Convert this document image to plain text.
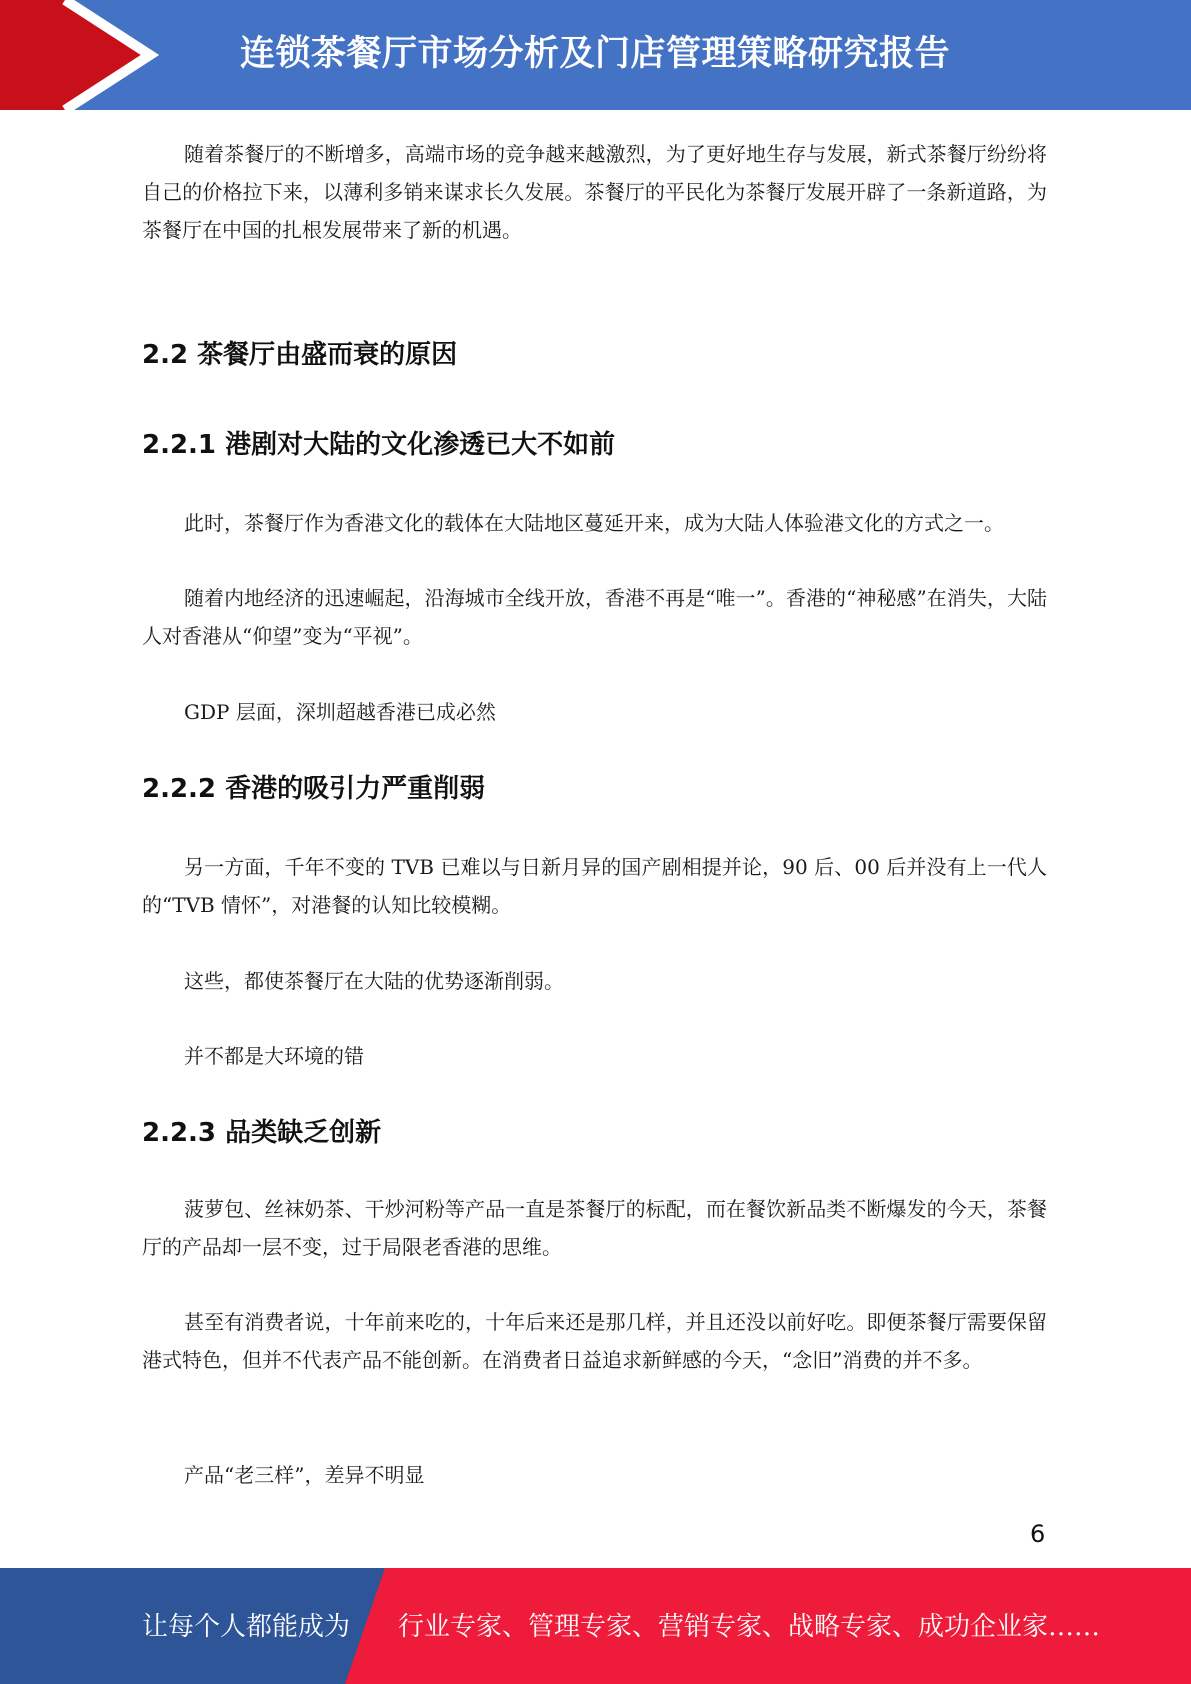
连锁茶餐厅市场分析及门店管理策略研究报告

随着茶餐厅的不断增多，高端市场的竞争越来越激烈，为了更好地生存与发展，新式茶餐厅纷纷将自己的价格拉下来，以薄利多销来谋求长久发展。茶餐厅的平民化为茶餐厅发展开辟了一条新道路，为茶餐厅在中国的扎根发展带来了新的机遇。

2.2 茶餐厅由盛而衰的原因
2.2.1 港剧对大陆的文化渗透已大不如前

此时，茶餐厅作为香港文化的载体在大陆地区蔓延开来，成为大陆人体验港文化的方式之一。

随着内地经济的迅速崛起，沿海城市全线开放，香港不再是“唯一”。香港的“神秘感”在消失，大陆人对香港从“仰望”变为“平视”。

GDP 层面，深圳超越香港已成必然

2.2.2 香港的吸引力严重削弱

另一方面，千年不变的 TVB 已难以与日新月异的国产剧相提并论，90 后、00 后并没有上一代人的“TVB 情怀”，对港餐的认知比较模糊。

这些，都使茶餐厅在大陆的优势逐渐削弱。

并不都是大环境的错

2.2.3 品类缺乏创新

菠萝包、丝袜奶茶、干炒河粉等产品一直是茶餐厅的标配，而在餐饮新品类不断爆发的今天，茶餐厅的产品却一层不变，过于局限老香港的思维。

甚至有消费者说，十年前来吃的，十年后来还是那几样，并且还没以前好吃。即便茶餐厅需要保留港式特色，但并不代表产品不能创新。在消费者日益追求新鲜感的今天，“念旧”消费的并不多。

产品“老三样”，差异不明显

6
让每个人都能成为 行业专家、管理专家、营销专家、战略专家、成功企业家……
